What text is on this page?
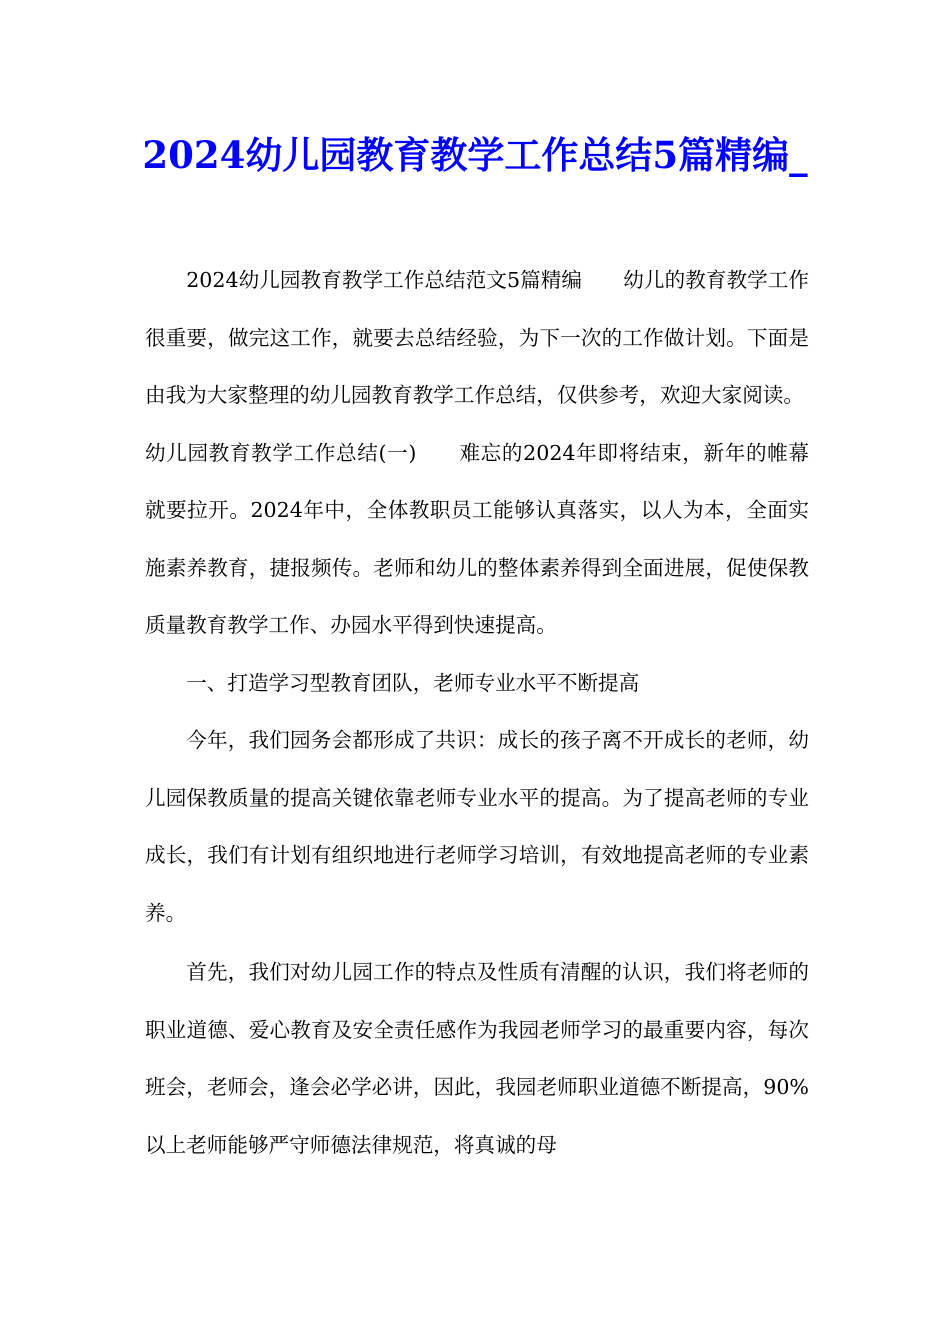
2024幼儿园教育教学工作总结5篇精编_

2024幼儿园教育教学工作总结范文5篇精编　　幼儿的教育教学工作很重要，做完这工作，就要去总结经验，为下一次的工作做计划。下面是由我为大家整理的幼儿园教育教学工作总结，仅供参考，欢迎大家阅读。

幼儿园教育教学工作总结(一)　　难忘的2024年即将结束，新年的帷幕就要拉开。2024年中，全体教职员工能够认真落实，以人为本，全面实施素养教育，捷报频传。老师和幼儿的整体素养得到全面进展，促使保教质量教育教学工作、办园水平得到快速提高。

一、打造学习型教育团队，老师专业水平不断提高

今年，我们园务会都形成了共识：成长的孩子离不开成长的老师，幼儿园保教质量的提高关键依靠老师专业水平的提高。为了提高老师的专业成长，我们有计划有组织地进行老师学习培训，有效地提高老师的专业素养。

首先，我们对幼儿园工作的特点及性质有清醒的认识，我们将老师的职业道德、爱心教育及安全责任感作为我园老师学习的最重要内容，每次班会，老师会，逢会必学必讲，因此，我园老师职业道德不断提高，90%以上老师能够严守师德法律规范，将真诚的母
